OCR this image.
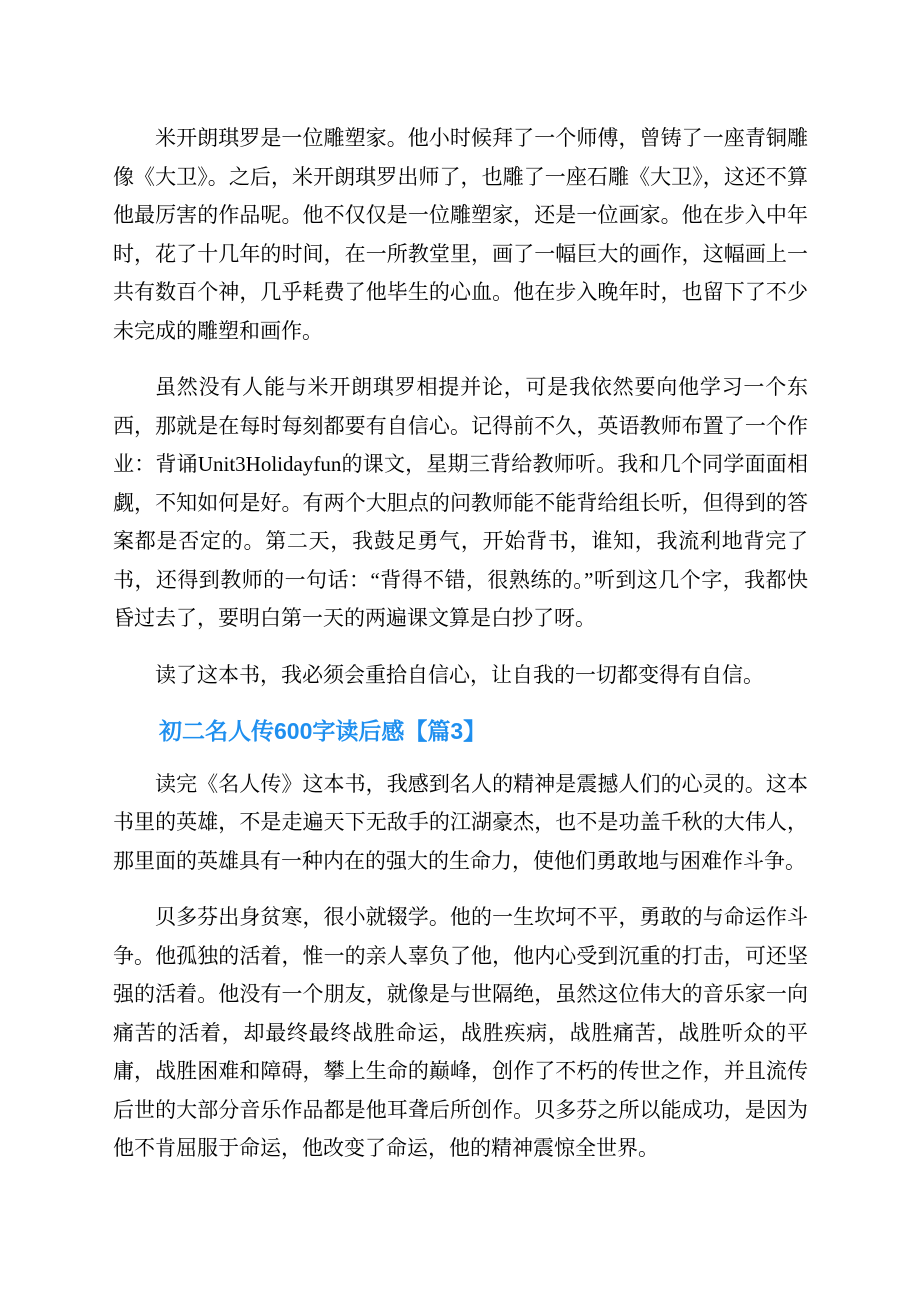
米开朗琪罗是一位雕塑家。他小时候拜了一个师傅，曾铸了一座青铜雕像《大卫》。之后，米开朗琪罗出师了，也雕了一座石雕《大卫》，这还不算他最厉害的作品呢。他不仅仅是一位雕塑家，还是一位画家。他在步入中年时，花了十几年的时间，在一所教堂里，画了一幅巨大的画作，这幅画上一共有数百个神，几乎耗费了他毕生的心血。他在步入晚年时，也留下了不少未完成的雕塑和画作。

虽然没有人能与米开朗琪罗相提并论，可是我依然要向他学习一个东西，那就是在每时每刻都要有自信心。记得前不久，英语教师布置了一个作业：背诵Unit3Holidayfun的课文，星期三背给教师听。我和几个同学面面相觑，不知如何是好。有两个大胆点的问教师能不能背给组长听，但得到的答案都是否定的。第二天，我鼓足勇气，开始背书，谁知，我流利地背完了书，还得到教师的一句话：“背得不错，很熟练的。”听到这几个字，我都快昏过去了，要明白第一天的两遍课文算是白抄了呀。

读了这本书，我必须会重拾自信心，让自我的一切都变得有自信。

初二名人传600字读后感【篇3】

读完《名人传》这本书，我感到名人的精神是震撼人们的心灵的。这本书里的英雄，不是走遍天下无敌手的江湖豪杰，也不是功盖千秋的大伟人，那里面的英雄具有一种内在的强大的生命力，使他们勇敢地与困难作斗争。

贝多芬出身贫寒，很小就辍学。他的一生坎坷不平，勇敢的与命运作斗争。他孤独的活着，惟一的亲人辜负了他，他内心受到沉重的打击，可还坚强的活着。他没有一个朋友，就像是与世隔绝，虽然这位伟大的音乐家一向痛苦的活着，却最终最终战胜命运，战胜疾病，战胜痛苦，战胜听众的平庸，战胜困难和障碍，攀上生命的巅峰，创作了不朽的传世之作，并且流传后世的大部分音乐作品都是他耳聋后所创作。贝多芬之所以能成功，是因为他不肯屈服于命运，他改变了命运，他的精神震惊全世界。
